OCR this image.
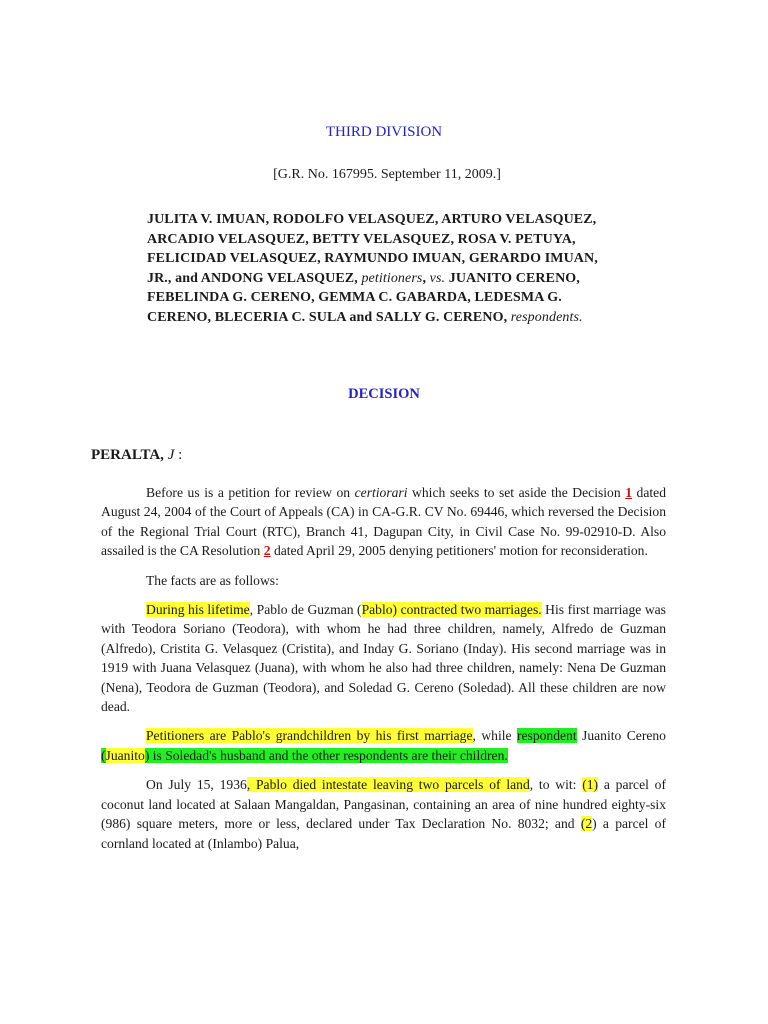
THIRD DIVISION
[G.R. No. 167995. September 11, 2009.]
JULITA V. IMUAN, RODOLFO VELASQUEZ, ARTURO VELASQUEZ, ARCADIO VELASQUEZ, BETTY VELASQUEZ, ROSA V. PETUYA, FELICIDAD VELASQUEZ, RAYMUNDO IMUAN, GERARDO IMUAN, JR., and ANDONG VELASQUEZ, petitioners, vs. JUANITO CERENO, FEBELINDA G. CERENO, GEMMA C. GABARDA, LEDESMA G. CERENO, BLECERIA C. SULA and SALLY G. CERENO, respondents.
DECISION
PERALTA, J :

Before us is a petition for review on certiorari which seeks to set aside the Decision 1 dated August 24, 2004 of the Court of Appeals (CA) in CA-G.R. CV No. 69446, which reversed the Decision of the Regional Trial Court (RTC), Branch 41, Dagupan City, in Civil Case No. 99-02910-D. Also assailed is the CA Resolution 2 dated April 29, 2005 denying petitioners' motion for reconsideration.

The facts are as follows:

During his lifetime, Pablo de Guzman (Pablo) contracted two marriages. His first marriage was with Teodora Soriano (Teodora), with whom he had three children, namely, Alfredo de Guzman (Alfredo), Cristita G. Velasquez (Cristita), and Inday G. Soriano (Inday). His second marriage was in 1919 with Juana Velasquez (Juana), with whom he also had three children, namely: Nena De Guzman (Nena), Teodora de Guzman (Teodora), and Soledad G. Cereno (Soledad). All these children are now dead.

Petitioners are Pablo's grandchildren by his first marriage, while respondent Juanito Cereno (Juanito) is Soledad's husband and the other respondents are their children.

On July 15, 1936, Pablo died intestate leaving two parcels of land, to wit: (1) a parcel of coconut land located at Salaan Mangaldan, Pangasinan, containing an area of nine hundred eighty-six (986) square meters, more or less, declared under Tax Declaration No. 8032; and (2) a parcel of cornland located at (Inlambo) Palua,
